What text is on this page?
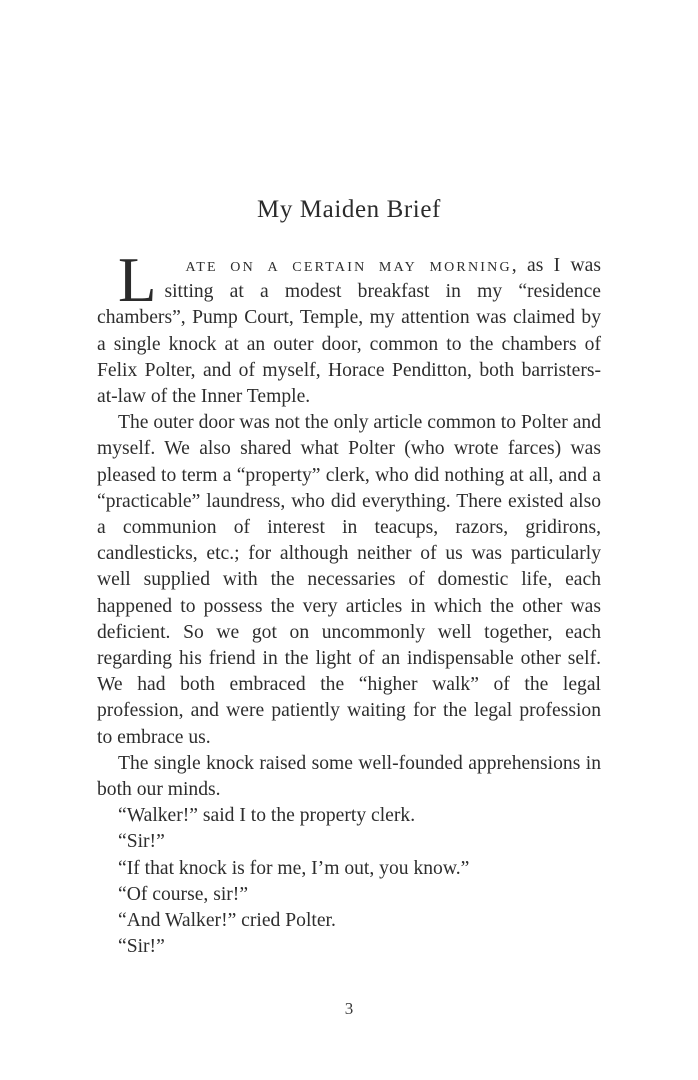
My Maiden Brief

L	ate on a certain may morning, as I was sitting at a modest breakfast in my “residence chambers”, Pump Court, Temple, my attention was claimed by a single knock at an outer door, common to the chambers of Felix Polter, and of myself, Horace Penditton, both barristers-at-law of the Inner Temple.

The outer door was not the only article common to Polter and myself. We also shared what Polter (who wrote farces) was pleased to term a “property” clerk, who did nothing at all, and a “practicable” laundress, who did everything. There existed also a communion of interest in teacups, razors, gridirons, candlesticks, etc.; for although neither of us was particularly well supplied with the necessaries of domestic life, each happened to possess the very articles in which the other was deficient. So we got on uncommonly well together, each regarding his friend in the light of an indispensable other self. We had both embraced the “higher walk” of the legal profession, and were patiently waiting for the legal profession to embrace us.

The single knock raised some well-founded apprehensions in both our minds.

“Walker!” said I to the property clerk.

“Sir!”

“If that knock is for me, I’m out, you know.”

“Of course, sir!”

“And Walker!” cried Polter.

“Sir!”

3
